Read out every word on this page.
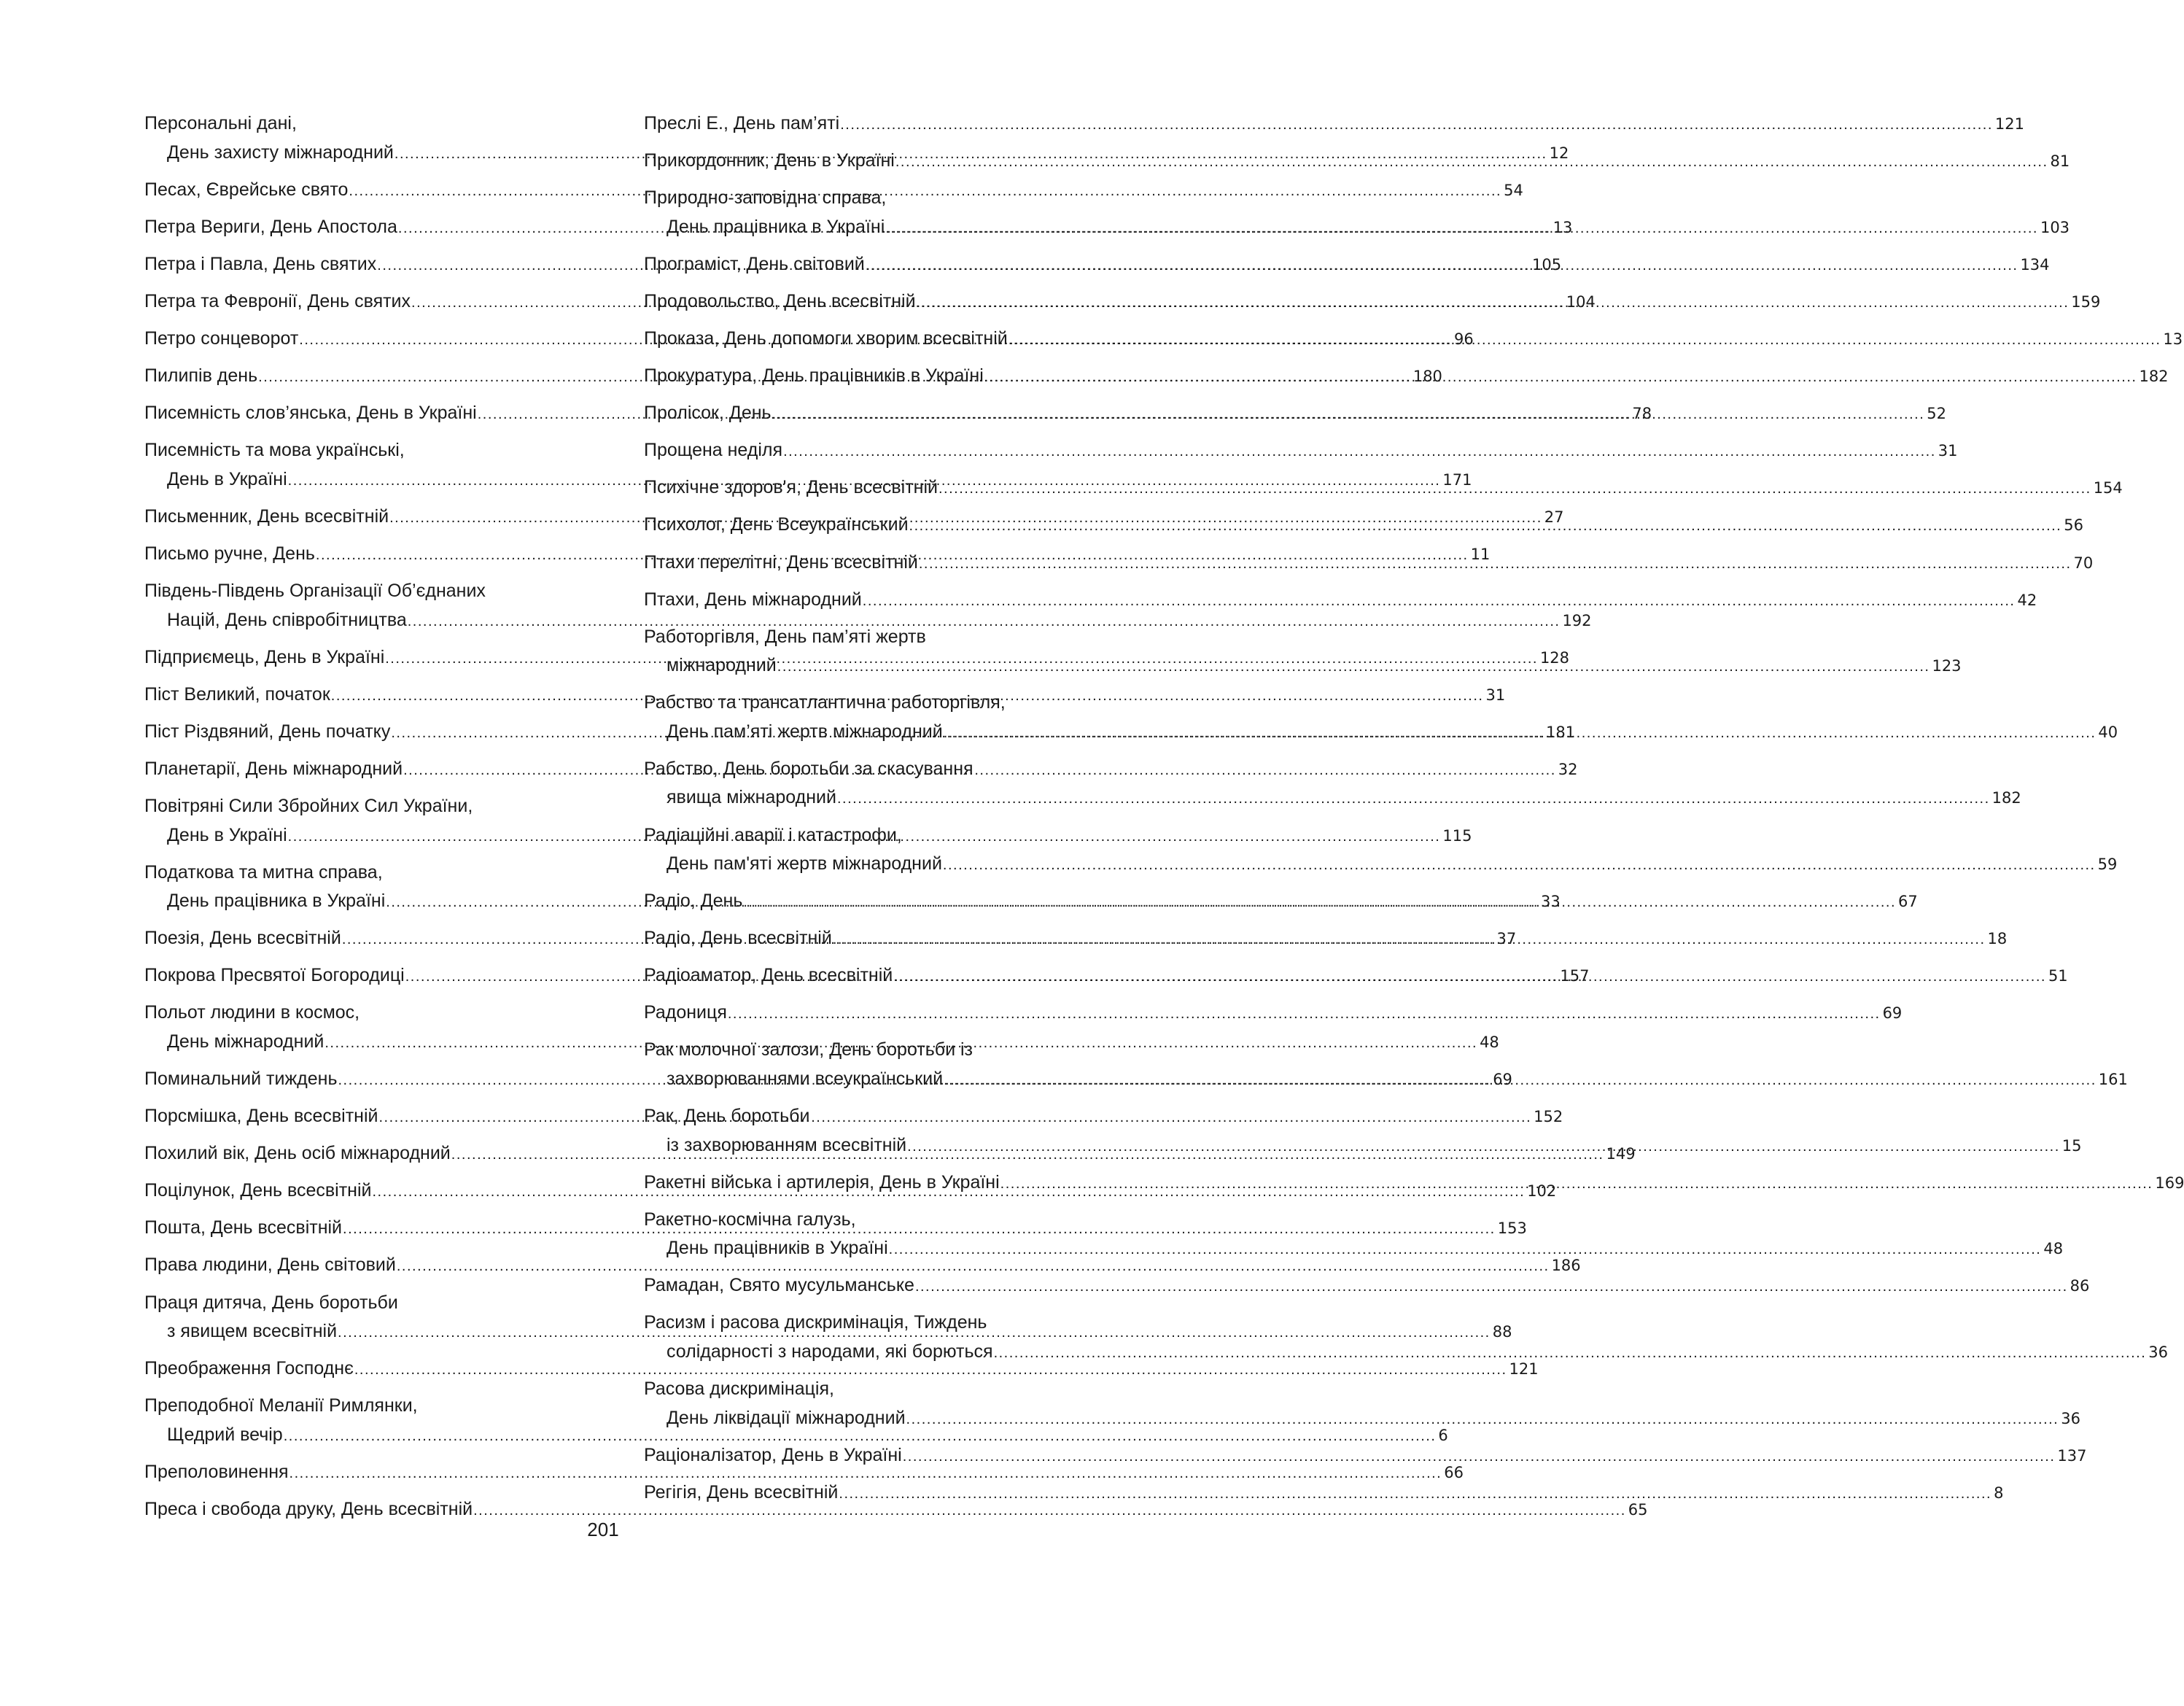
Персональні дані,
День захисту міжнародний .....	12
Песах, Єврейське свято .....	54
Петра Вериги, День Апостола .....	13
Петра і Павла, День святих .....	105
Петра та Февронії, День святих .....	104
Петро сонцеворот .....	96
Пилипів день .....	180
Писемність слов’янська, День в Україні .....	78
Писемність та мова українські,
День в Україні .....	171
Письменник, День всесвітній .....	27
Письмо ручне, День .....	11
Південь-Південь Організації Об’єднаних
Націй, День співробітництва .....	192
Підприємець, День в Україні .....	128
Піст Великий, початок .....	31
Піст Різдвяний, День початку .....	181
Планетарії, День міжнародний .....	32
Повітряні Сили Збройних Сил України,
День в Україні .....	115
Податкова та митна справа,
День працівника в Україні .....	33
Поезія, День всесвітній .....	37
Покрова Пресвятої Богородиці .....	157
Польот людини в космос,
День міжнародний .....	48
Поминальний тиждень .....	69
Порсмішка, День всесвітній .....	152
Похилий вік, День осіб міжнародний .....	149
Поцілунок, День всесвітній .....	102
Пошта, День всесвітній .....	153
Права людини, День світовий .....	186
Праця дитяча, День боротьби
з явищем всесвітній .....	88
Преображення Господнє .....	121
Преподобної Меланії Римлянки,
Щедрий вечір .....	6
Преполовинення .....	66
Преса і свобода друку, День всесвітній .....	65
Преслі Е., День пам’яті .....	121
Прикордонник, День в Україні .....	81
Природно-заповідна справа,
День працівника в Україні .....	103
Програміст, День світовий .....	134
Продовольство, День всесвітній .....	159
Проказа, День допомоги хворим всесвітній .....	13
Прокуратура, День працівників в Україні .....	182
Пролісок, День .....	52
Прощена неділя .....	31
Психічне здоров'я, День всесвітній .....	154
Психолог, День Всеукраїнський .....	56
Птахи перелітні, День всесвітній .....	70
Птахи, День міжнародний .....	42
Работоргівля, День пам’яті жертв
міжнародний .....	123
Рабство та трансатлантична работоргівля,
День пам’яті жертв міжнародний .....	40
Рабство, День боротьби за скасування
явища міжнародний .....	182
Радіаційні аварії і катастрофи,
День пам'яті жертв міжнародний .....	59
Радіо, День .....	67
Радіо, День всесвітній .....	18
Радіоаматор, День всесвітній .....	51
Радониця .....	69
Рак молочної залози, День боротьби із
захворюваннями всеукраїнський .....	161
Рак, День боротьби
із захворюванням всесвітній .....	15
Ракетні війська і артилерія, День в Україні .....	169
Ракетно-космічна галузь,
День працівників в Україні .....	48
Рамадан, Свято мусульманське .....	86
Расизм і расова дискримінація, Тиждень
солідарності з народами, які борються .....	36
Расова дискримінація,
День ліквідації міжнародний .....	36
Раціоналізатор, День в Україні .....	137
Регігія, День всесвітній .....	8
201
